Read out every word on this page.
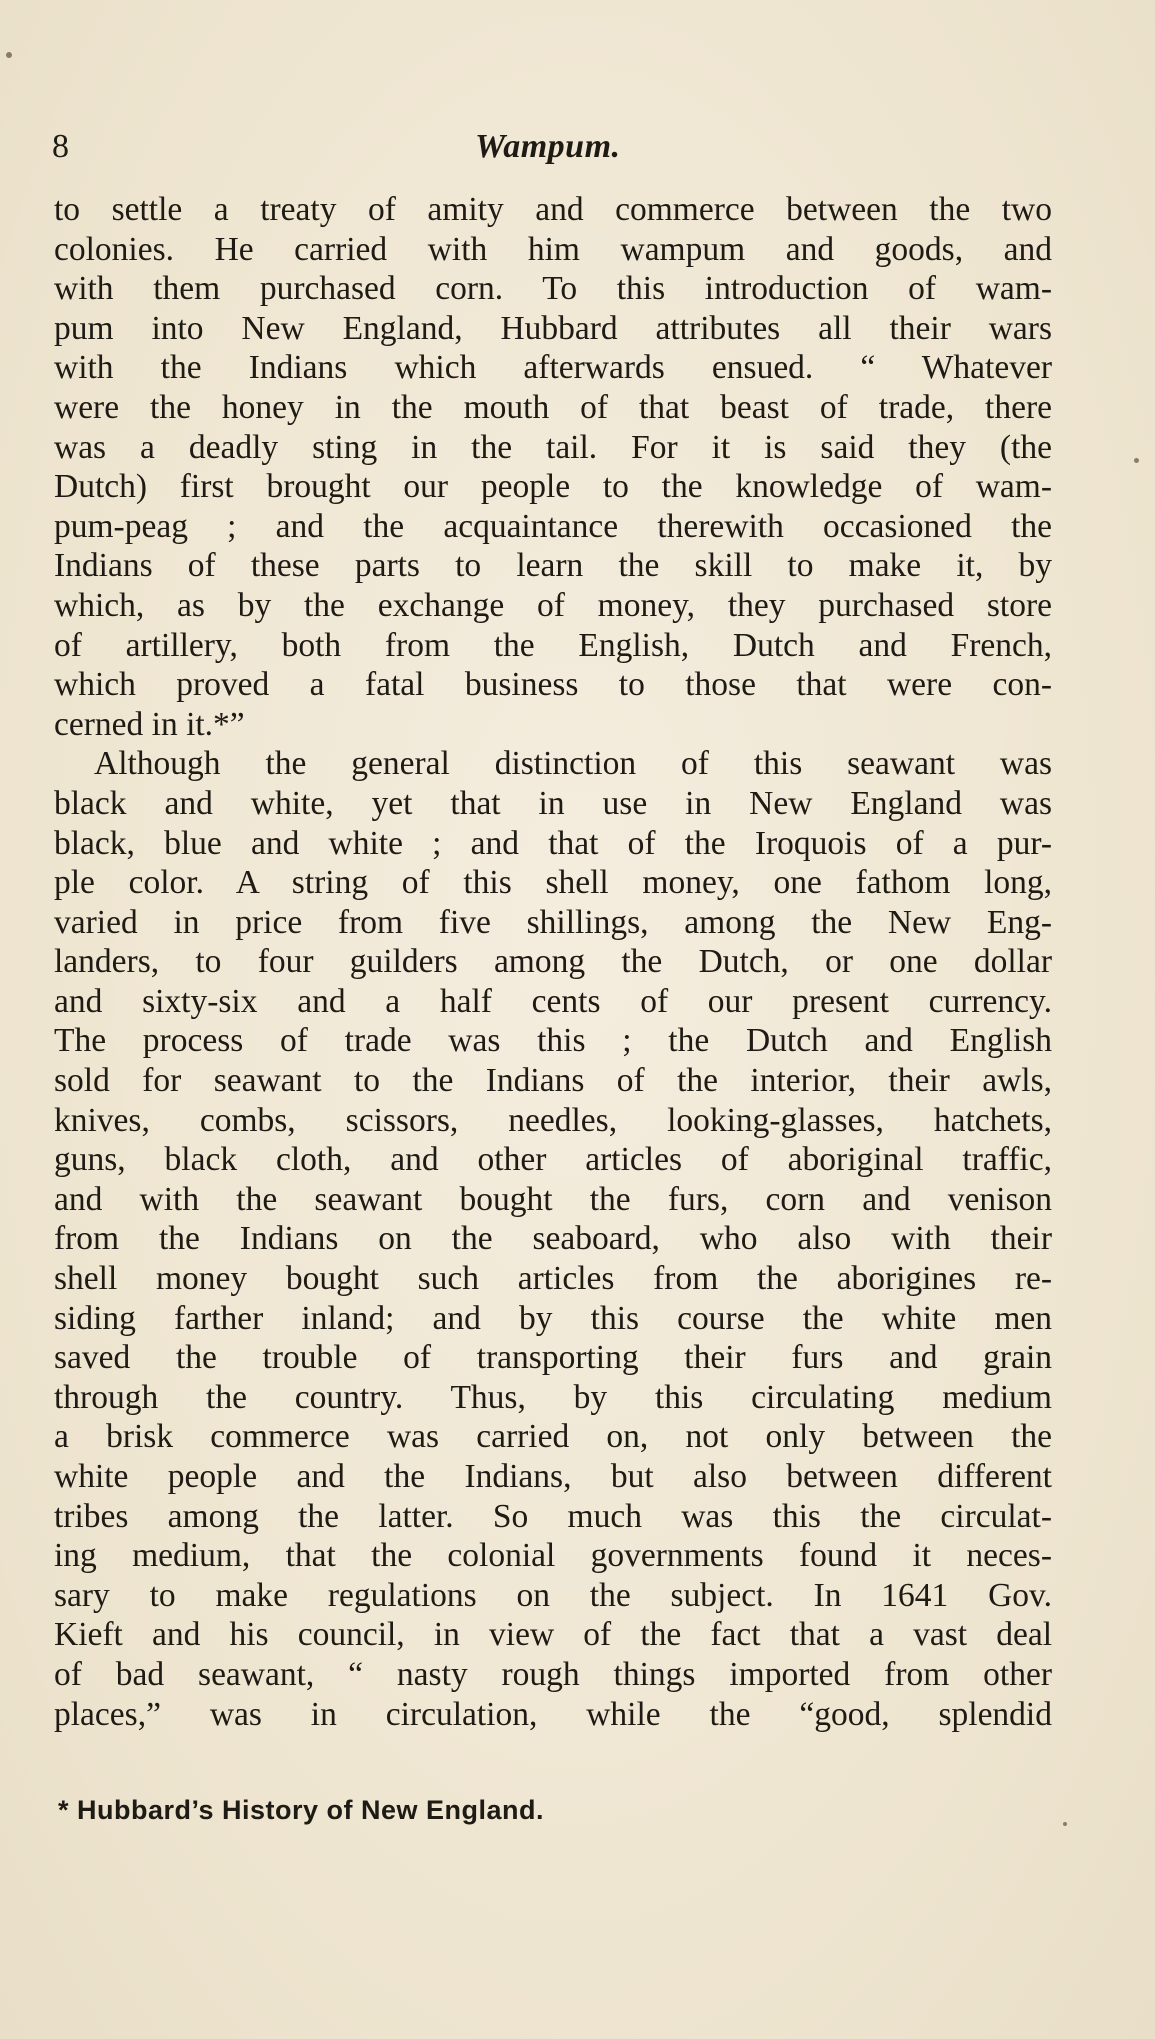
8	Wampum.
to settle a treaty of amity and commerce between the two
colonies. He carried with him wampum and goods, and
with them purchased corn. To this introduction of wam-
pum into New England, Hubbard attributes all their wars
with the Indians which afterwards ensued. “ Whatever
were the honey in the mouth of that beast of trade, there
was a deadly sting in the tail. For it is said they (the
Dutch) first brought our people to the knowledge of wam-
pum-peag ; and the acquaintance therewith occasioned the
Indians of these parts to learn the skill to make it, by
which, as by the exchange of money, they purchased store
of artillery, both from the English, Dutch and French,
which proved a fatal business to those that were con-
cerned in it.*”
Although the general distinction of this seawant was
black and white, yet that in use in New England was
black, blue and white ; and that of the Iroquois of a pur-
ple color. A string of this shell money, one fathom long,
varied in price from five shillings, among the New Eng-
landers, to four guilders among the Dutch, or one dollar
and sixty-six and a half cents of our present currency.
The process of trade was this ; the Dutch and English
sold for seawant to the Indians of the interior, their awls,
knives, combs, scissors, needles, looking-glasses, hatchets,
guns, black cloth, and other articles of aboriginal traffic,
and with the seawant bought the furs, corn and venison
from the Indians on the seaboard, who also with their
shell money bought such articles from the aborigines re-
siding farther inland; and by this course the white men
saved the trouble of transporting their furs and grain
through the country. Thus, by this circulating medium
a brisk commerce was carried on, not only between the
white people and the Indians, but also between different
tribes among the latter. So much was this the circulat-
ing medium, that the colonial governments found it neces-
sary to make regulations on the subject. In 1641 Gov.
Kieft and his council, in view of the fact that a vast deal
of bad seawant, “ nasty rough things imported from other
places,” was in circulation, while the “good, splendid
* Hubbard’s History of New England.
